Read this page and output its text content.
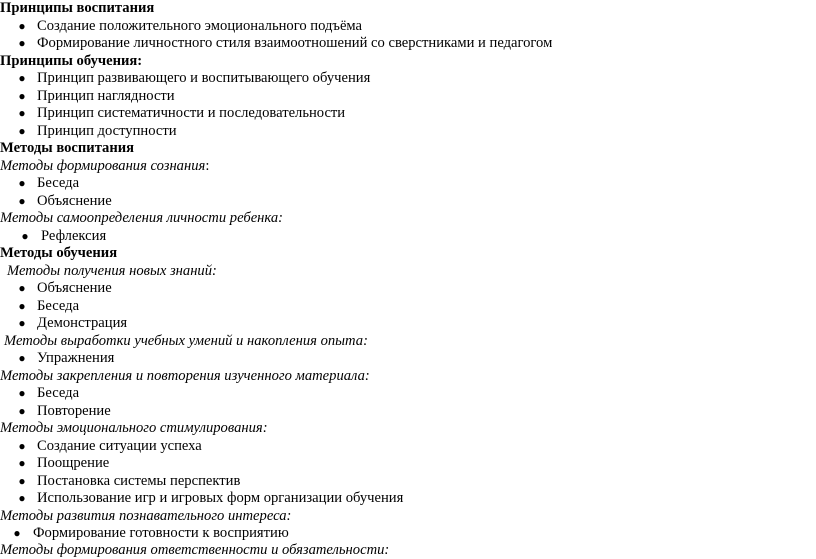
Принципы воспитания
● Создание положительного эмоционального подъёма
● Формирование личностного стиля взаимоотношений со сверстниками и педагогом
Принципы обучения:
● Принцип развивающего и воспитывающего обучения
● Принцип наглядности
● Принцип систематичности и последовательности
● Принцип доступности
Методы воспитания
Методы формирования сознания:
● Беседа
● Объяснение
Методы самоопределения личности ребенка:
● Рефлексия
Методы обучения
Методы получения новых знаний:
● Объяснение
● Беседа
● Демонстрация
Методы выработки учебных умений и накопления опыта:
● Упражнения
Методы закрепления и повторения изученного материала:
● Беседа
● Повторение
Методы эмоционального стимулирования:
● Создание ситуации успеха
● Поощрение
● Постановка системы перспектив
● Использование игр и игровых форм организации обучения
Методы развития познавательного интереса:
● Формирование готовности к восприятию
Методы формирования ответственности и обязательности:
